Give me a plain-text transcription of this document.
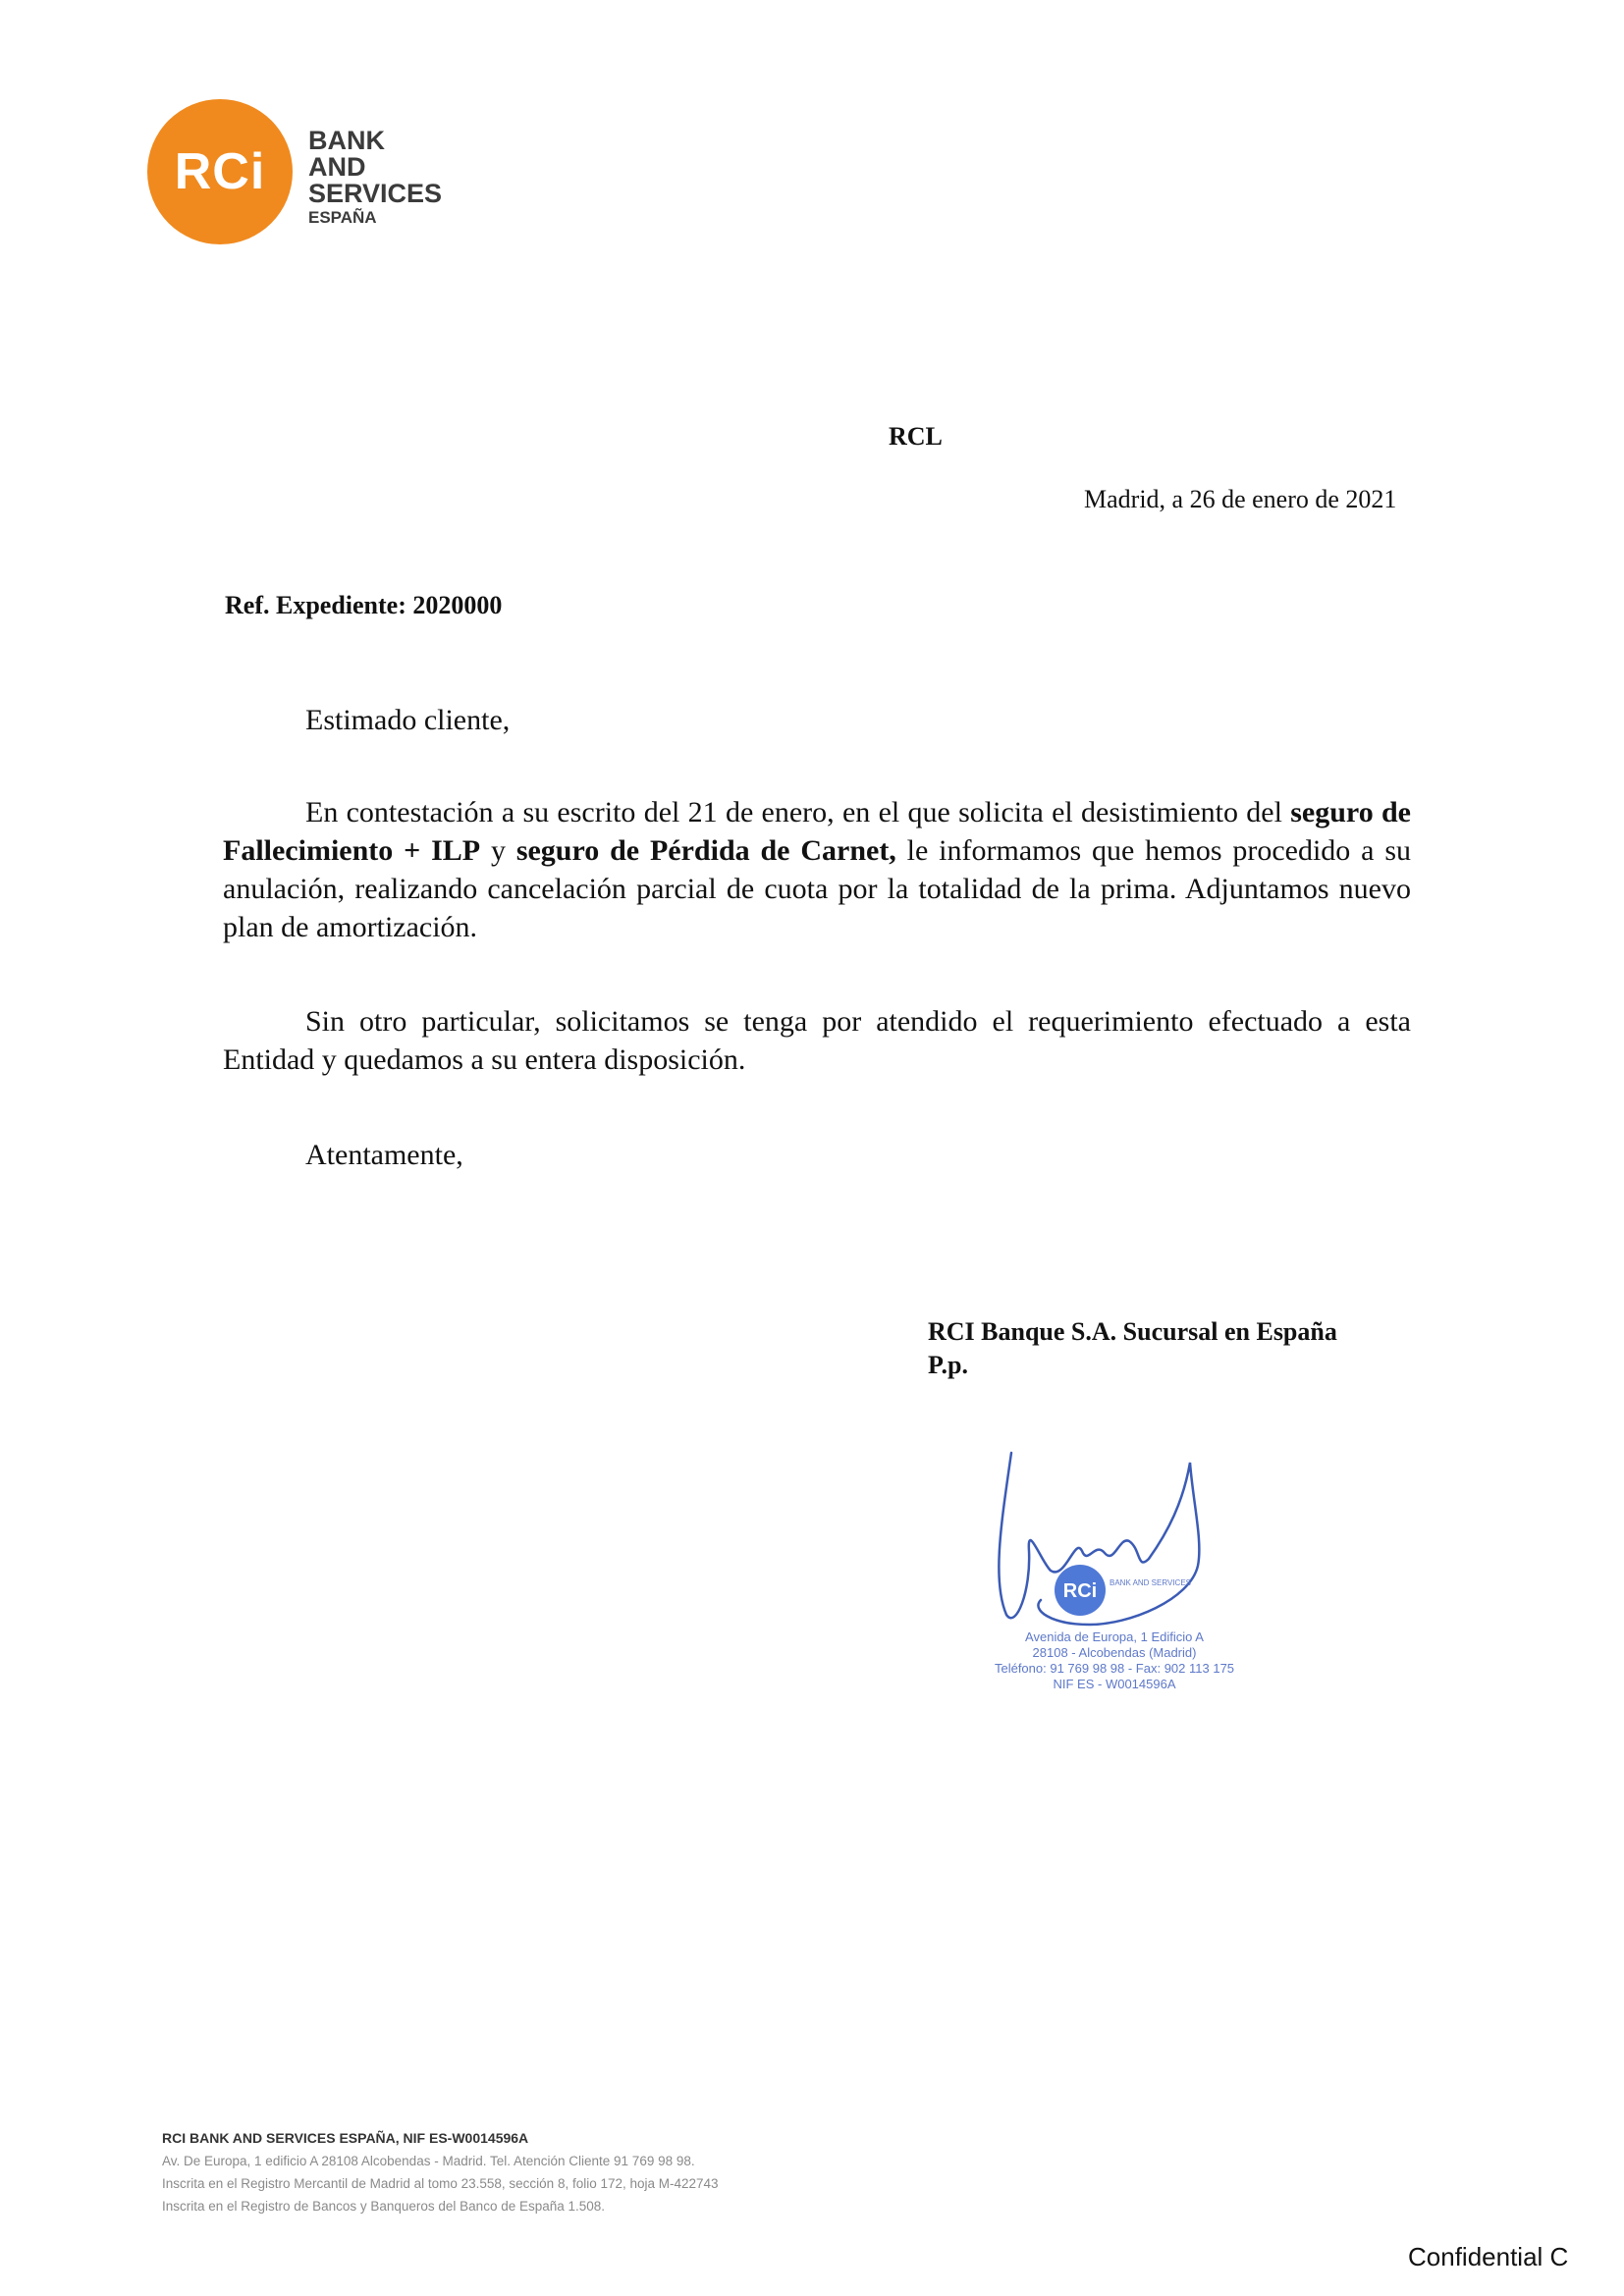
RCi
BANK
AND
SERVICES
ESPAÑA
RCL
Madrid, a 26 de enero de 2021
Ref. Expediente: 2020000
Estimado cliente,
En contestación a su escrito del 21 de enero, en el que solicita el desistimiento del seguro de Fallecimiento + ILP y seguro de Pérdida de Carnet, le informamos que hemos procedido a su anulación, realizando cancelación parcial de cuota por la totalidad de la prima. Adjuntamos nuevo plan de amortización.
Sin otro particular, solicitamos se tenga por atendido el requerimiento efectuado a esta Entidad y quedamos a su entera disposición.
Atentamente,
RCI Banque S.A. Sucursal en España
P.p.
RCi BANK AND SERVICES
Avenida de Europa, 1 Edificio A
28108 - Alcobendas (Madrid)
Teléfono: 91 769 98 98 - Fax: 902 113 175
NIF ES - W0014596A
RCI BANK AND SERVICES ESPAÑA, NIF ES-W0014596A
Av. De Europa, 1 edificio A 28108 Alcobendas - Madrid. Tel. Atención Cliente 91 769 98 98.
Inscrita en el Registro Mercantil de Madrid al tomo 23.558, sección 8, folio 172, hoja M-422743
Inscrita en el Registro de Bancos y Banqueros del Banco de España 1.508.
Confidential C
